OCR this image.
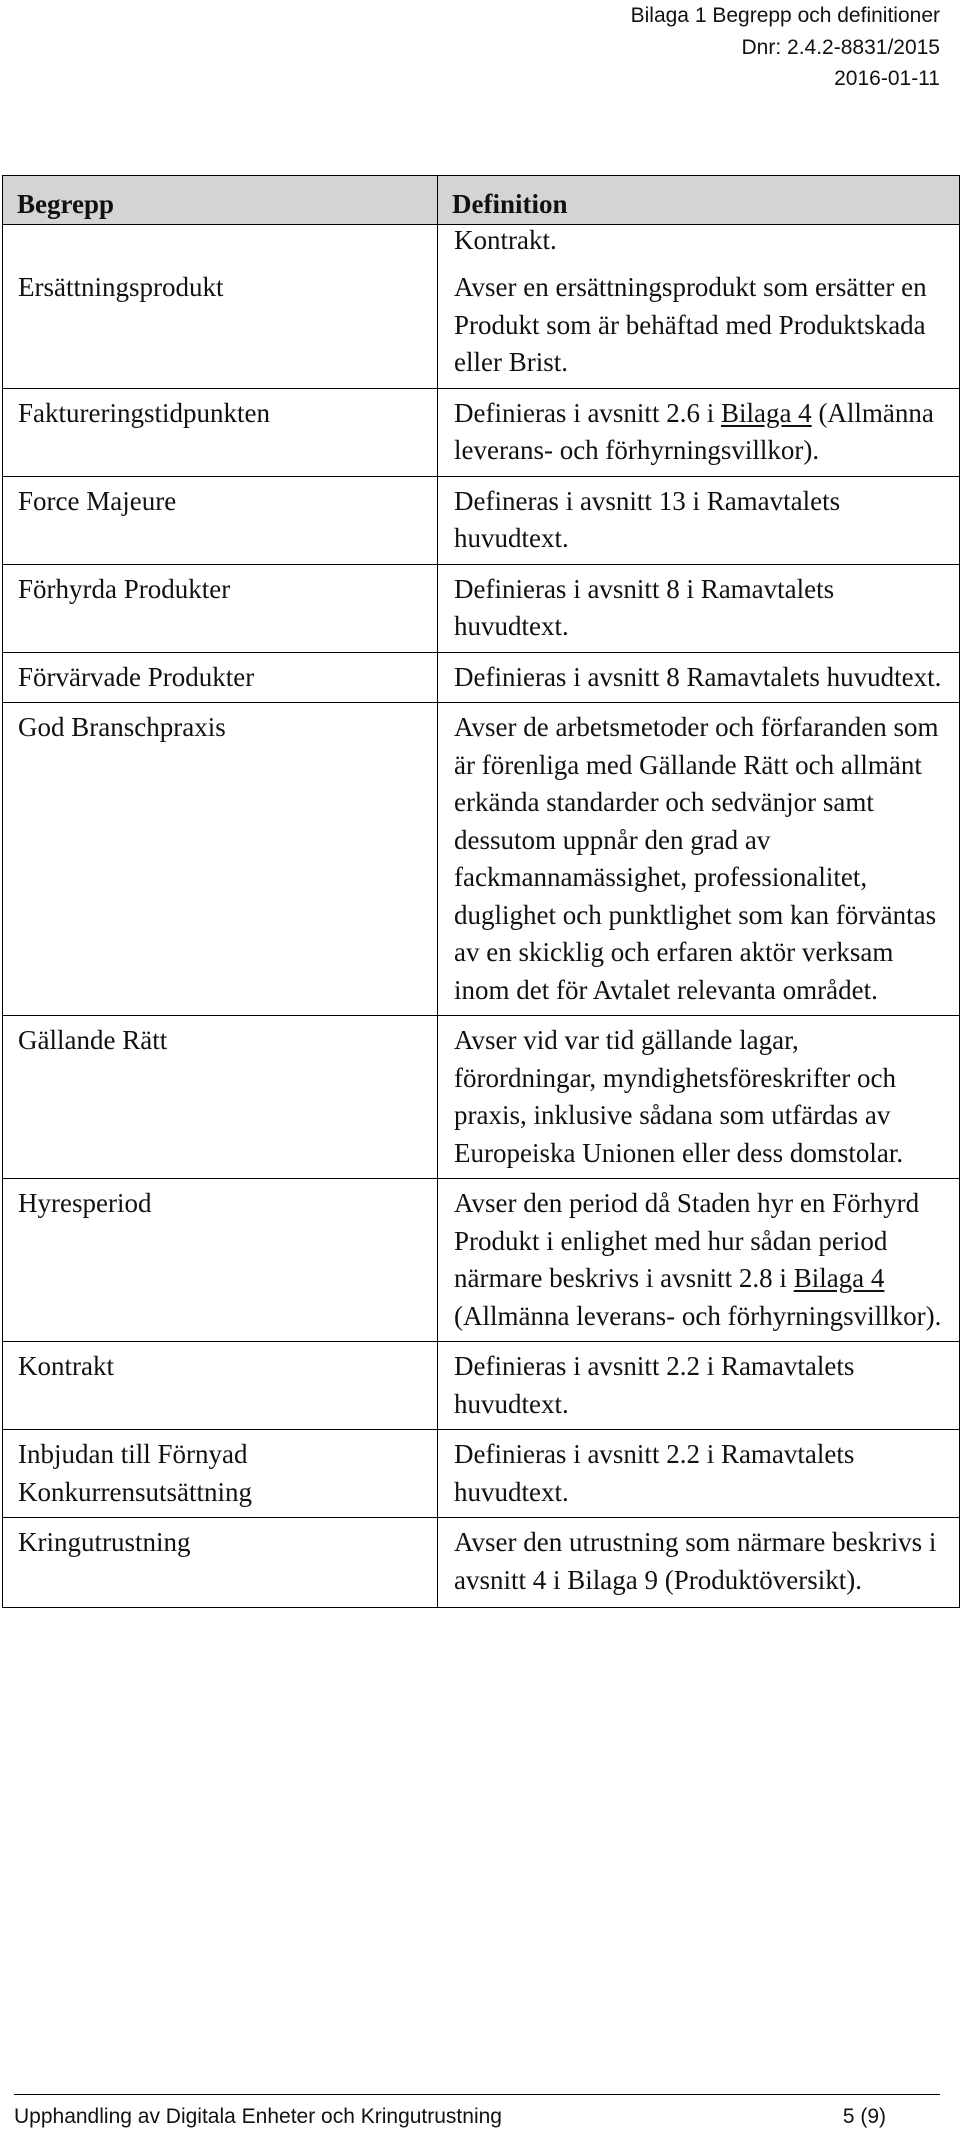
Bilaga 1 Begrepp och definitioner
Dnr: 2.4.2-8831/2015
2016-01-11
Begrepp	Definition
Ersättningsprodukt	Kontrakt.
Avser en ersättningsprodukt som ersätter en Produkt som är behäftad med Produktskada eller Brist.
Faktureringstidpunkten	Definieras i avsnitt 2.6 i Bilaga 4 (Allmänna leverans- och förhyrningsvillkor).
Force Majeure	Defineras i avsnitt 13 i Ramavtalets huvudtext.
Förhyrda Produkter	Definieras i avsnitt 8 i Ramavtalets huvudtext.
Förvärvade Produkter	Definieras i avsnitt 8 Ramavtalets huvudtext.
God Branschpraxis	Avser de arbetsmetoder och förfaranden som är förenliga med Gällande Rätt och allmänt erkända standarder och sedvänjor samt dessutom uppnår den grad av fackmannamässighet, professionalitet, duglighet och punktlighet som kan förväntas av en skicklig och erfaren aktör verksam inom det för Avtalet relevanta området.
Gällande Rätt	Avser vid var tid gällande lagar, förordningar, myndighetsföreskrifter och praxis, inklusive sådana som utfärdas av Europeiska Unionen eller dess domstolar.
Hyresperiod	Avser den period då Staden hyr en Förhyrd Produkt i enlighet med hur sådan period närmare beskrivs i avsnitt 2.8 i Bilaga 4 (Allmänna leverans- och förhyrningsvillkor).
Kontrakt	Definieras i avsnitt 2.2 i Ramavtalets huvudtext.
Inbjudan till Förnyad Konkurrensutsättning	Definieras i avsnitt 2.2 i Ramavtalets huvudtext.
Kringutrustning	Avser den utrustning som närmare beskrivs i avsnitt 4 i Bilaga 9 (Produktöversikt).
Upphandling av Digitala Enheter och Kringutrustning	5 (9)
